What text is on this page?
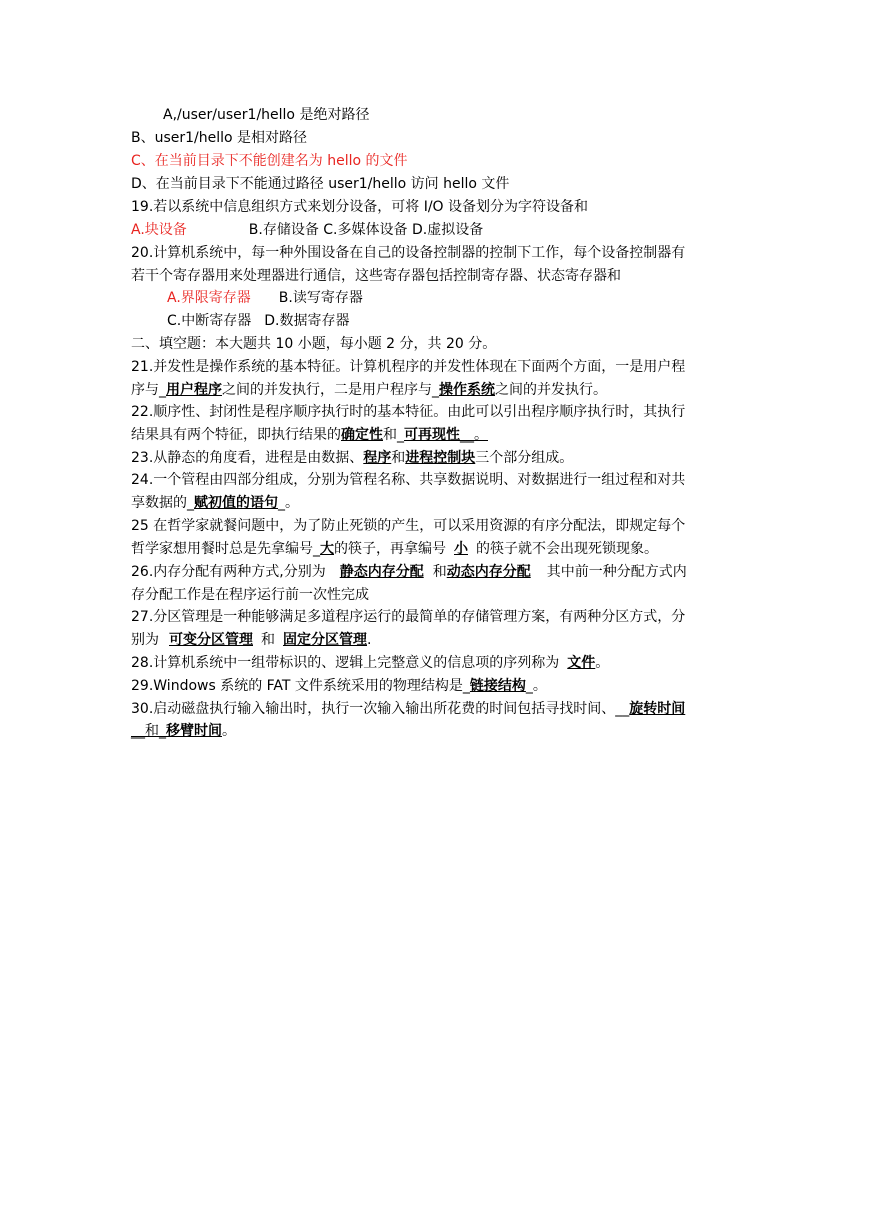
A,/user/user1/hello 是绝对路径
B、user1/hello 是相对路径
C、在当前目录下不能创建名为 hello 的文件
D、在当前目录下不能通过路径 user1/hello 访问 hello 文件
19.若以系统中信息组织方式来划分设备，可将 I/O 设备划分为字符设备和
A.块设备	B.存储设备 C.多媒体设备 D.虚拟设备
20.计算机系统中，每一种外围设备在自己的设备控制器的控制下工作，每个设备控制器有
若干个寄存器用来处理器进行通信，这些寄存器包括控制寄存器、状态寄存器和
A.界限寄存器 B.读写寄存器
C.中断寄存器 D.数据寄存器
二、填空题：本大题共 10 小题，每小题 2 分，共 20 分。
21.并发性是操作系统的基本特征。计算机程序的并发性体现在下面两个方面，一是用户程
序与_用户程序之间的并发执行，二是用户程序与_操作系统之间的并发执行。
22.顺序性、封闭性是程序顺序执行时的基本特征。由此可以引出程序顺序执行时，其执行
结果具有两个特征，即执行结果的确定性和_可再现性__。
23.从静态的角度看，进程是由数据、程序和进程控制块三个部分组成。
24.一个管程由四部分组成，分别为管程名称、共享数据说明、对数据进行一组过程和对共
享数据的_赋初值的语句_。
25 在哲学家就餐问题中，为了防止死锁的产生，可以采用资源的有序分配法，即规定每个
哲学家想用餐时总是先拿编号_大的筷子，再拿编号 小 的筷子就不会出现死锁现象。
26.内存分配有两种方式,分别为 静态内存分配 和动态内存分配 其中前一种分配方式内
存分配工作是在程序运行前一次性完成
27.分区管理是一种能够满足多道程序运行的最简单的存储管理方案，有两种分区方式，分
别为 可变分区管理 和 固定分区管理.
28.计算机系统中一组带标识的、逻辑上完整意义的信息项的序列称为 文件。
29.Windows 系统的 FAT 文件系统采用的物理结构是_链接结构_。
30.启动磁盘执行输入输出时，执行一次输入输出所花费的时间包括寻找时间、__旋转时间
__和_移臂时间。
